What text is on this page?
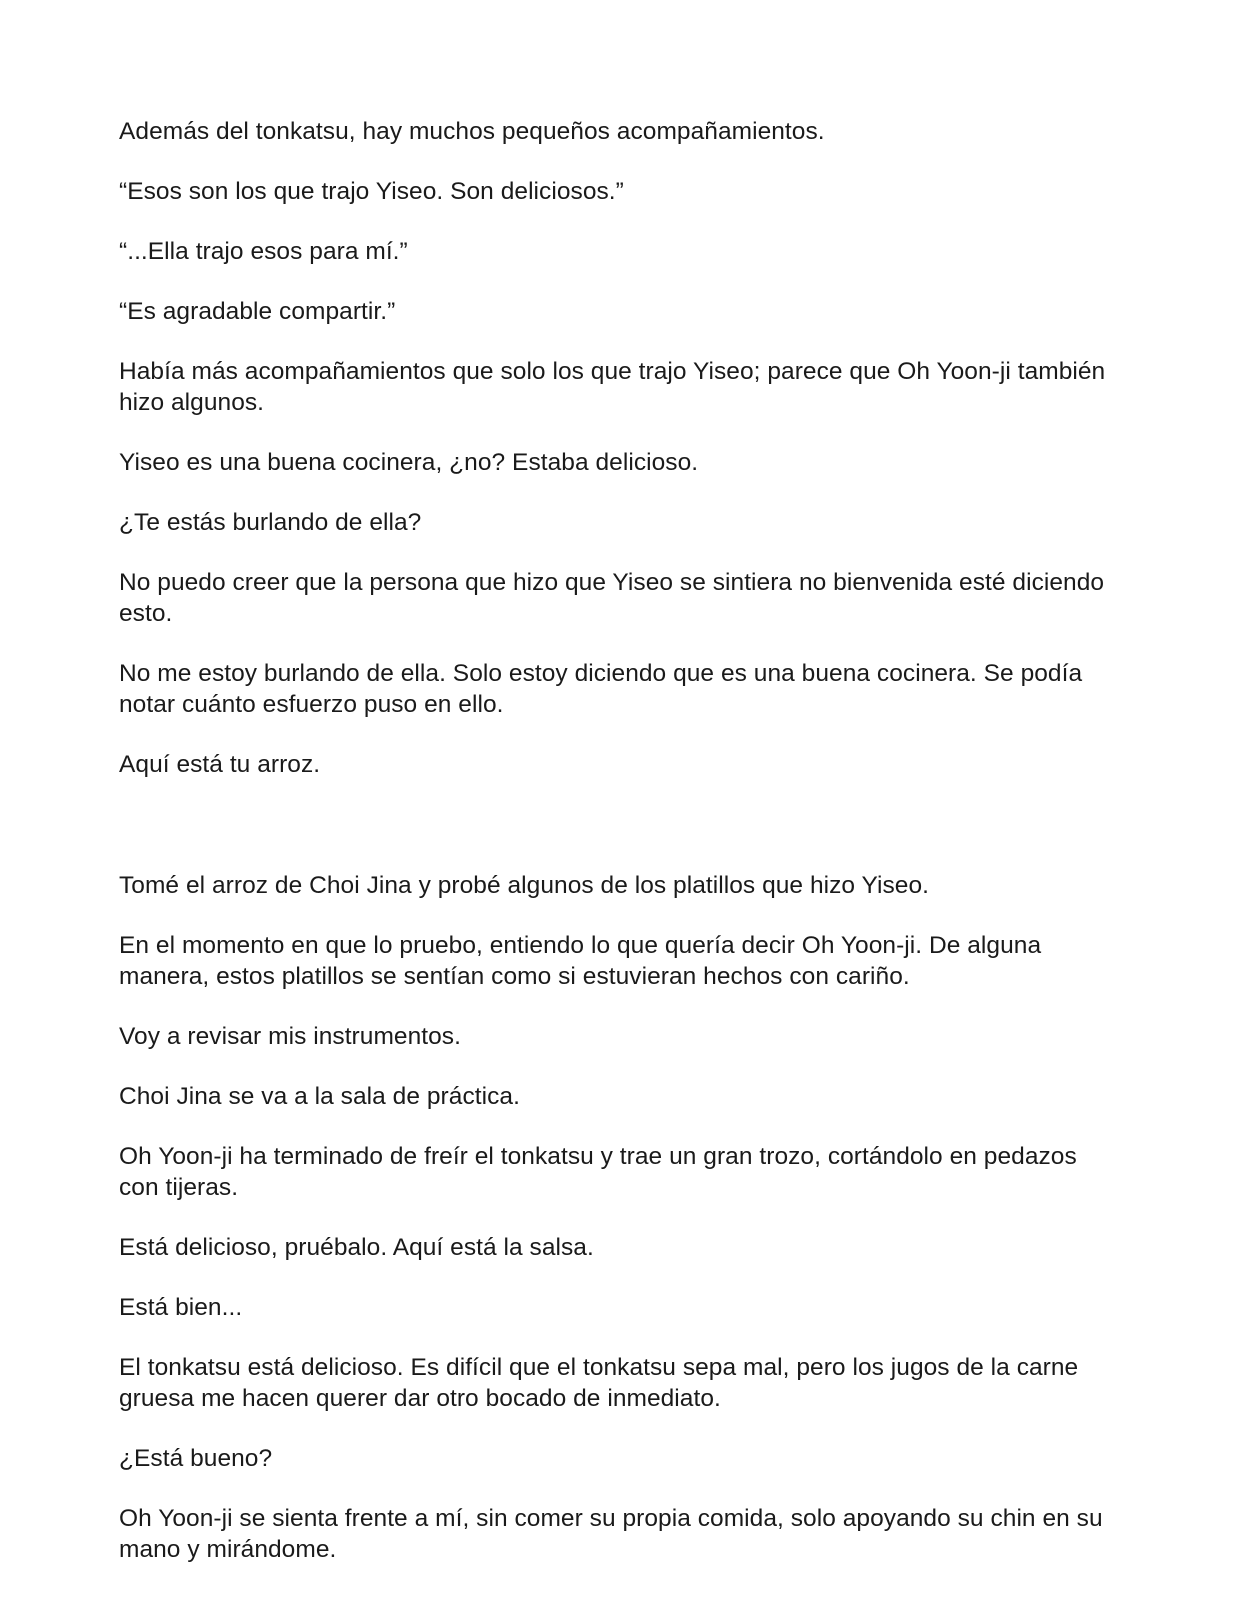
Además del tonkatsu, hay muchos pequeños acompañamientos.

“Esos son los que trajo Yiseo. Son deliciosos.”

“...Ella trajo esos para mí.”

“Es agradable compartir.”

Había más acompañamientos que solo los que trajo Yiseo; parece que Oh Yoon-ji también hizo algunos.

Yiseo es una buena cocinera, ¿no? Estaba delicioso.

¿Te estás burlando de ella?

No puedo creer que la persona que hizo que Yiseo se sintiera no bienvenida esté diciendo esto.

No me estoy burlando de ella. Solo estoy diciendo que es una buena cocinera. Se podía notar cuánto esfuerzo puso en ello.

Aquí está tu arroz.

Tomé el arroz de Choi Jina y probé algunos de los platillos que hizo Yiseo.

En el momento en que lo pruebo, entiendo lo que quería decir Oh Yoon-ji. De alguna manera, estos platillos se sentían como si estuvieran hechos con cariño.

Voy a revisar mis instrumentos.

Choi Jina se va a la sala de práctica.

Oh Yoon-ji ha terminado de freír el tonkatsu y trae un gran trozo, cortándolo en pedazos con tijeras.

Está delicioso, pruébalo. Aquí está la salsa.

Está bien...

El tonkatsu está delicioso. Es difícil que el tonkatsu sepa mal, pero los jugos de la carne gruesa me hacen querer dar otro bocado de inmediato.

¿Está bueno?

Oh Yoon-ji se sienta frente a mí, sin comer su propia comida, solo apoyando su chin en su mano y mirándome.
